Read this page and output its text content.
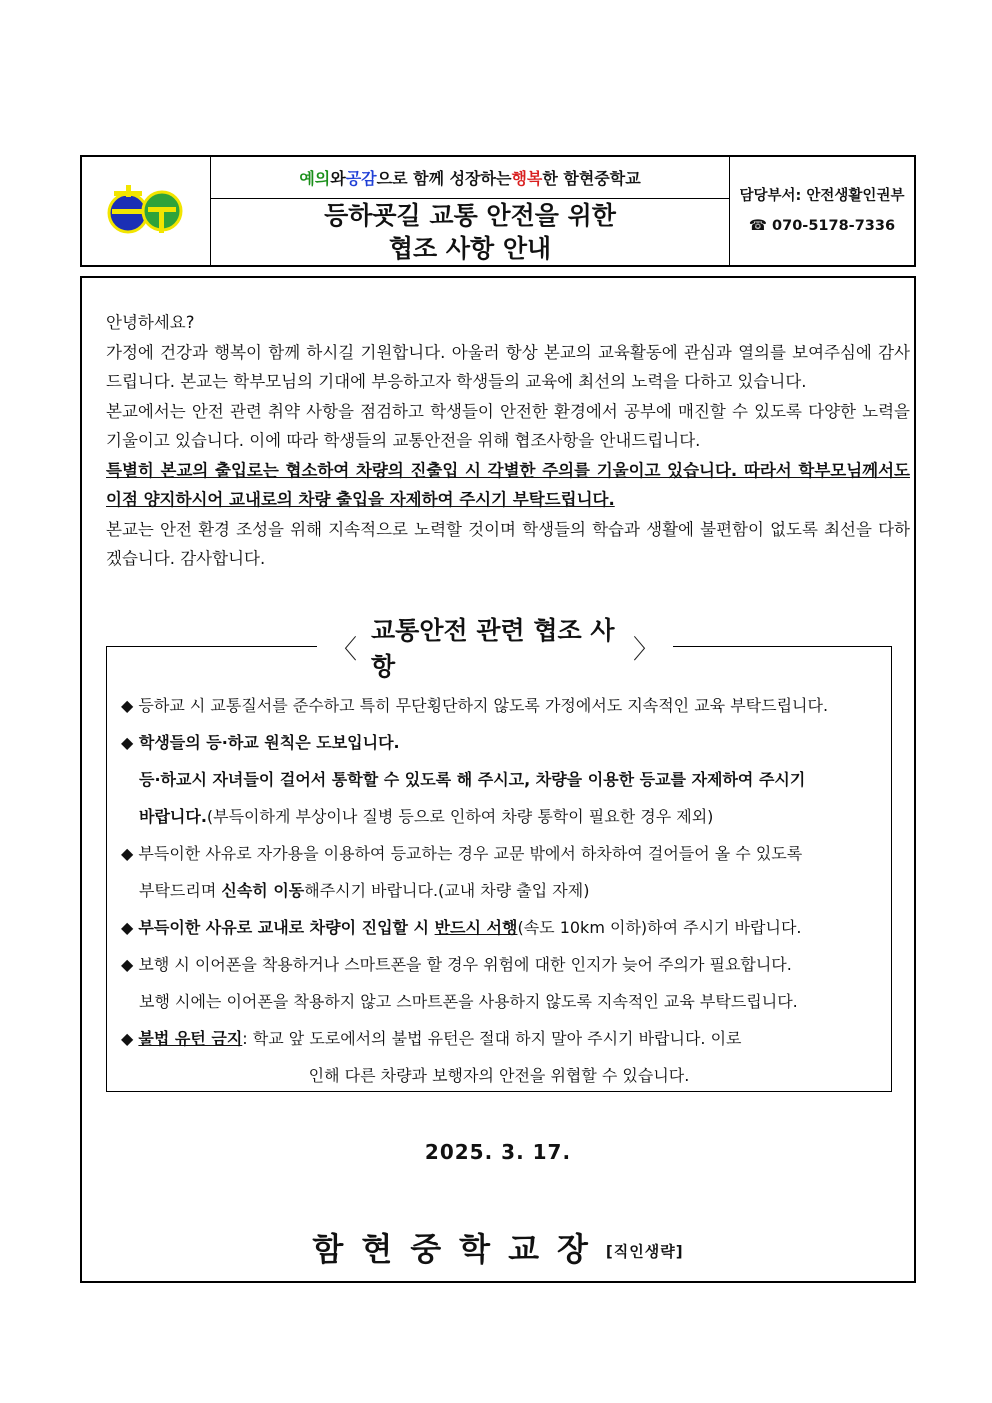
예의 와 공감 으로 함께 성장하는 행복 한 함현중학교
등하굣길 교통 안전을 위한
협조 사항 안내
담당부서: 안전생활인권부
☎ 070-5178-7336

안녕하세요?

가정에 건강과 행복이 함께 하시길 기원합니다. 아울러 항상 본교의 교육활동에 관심과 열의를 보여주심에 감사드립니다. 본교는 학부모님의 기대에 부응하고자 학생들의 교육에 최선의 노력을 다하고 있습니다.

본교에서는 안전 관련 취약 사항을 점검하고 학생들이 안전한 환경에서 공부에 매진할 수 있도록 다양한 노력을 기울이고 있습니다. 이에 따라 학생들의 교통안전을 위해 협조사항을 안내드립니다.

특별히 본교의 출입로는 협소하여 차량의 진출입 시 각별한 주의를 기울이고 있습니다. 따라서 학부모님께서도 이점 양지하시어 교내로의 차량 출입을 자제하여 주시기 부탁드립니다.

본교는 안전 환경 조성을 위해 지속적으로 노력할 것이며 학생들의 학습과 생활에 불편함이 없도록 최선을 다하겠습니다. 감사합니다.

〈
교통안전 관련 협조 사항
〉
◆ 등하교 시 교통질서를 준수하고 특히 무단횡단하지 않도록 가정에서도 지속적인 교육 부탁드립니다.
◆ 학생들의 등·하교 원칙은 도보입니다.
등·하교시 자녀들이 걸어서 통학할 수 있도록 해 주시고, 차량을 이용한 등교를 자제하여 주시기
바랍니다.(부득이하게 부상이나 질병 등으로 인하여 차량 통학이 필요한 경우 제외)
◆ 부득이한 사유로 자가용을 이용하여 등교하는 경우 교문 밖에서 하차하여 걸어들어 올 수 있도록
부탁드리며 신속히 이동해주시기 바랍니다.(교내 차량 출입 자제)
◆ 부득이한 사유로 교내로 차량이 진입할 시 반드시 서행(속도 10km 이하)하여 주시기 바랍니다.
◆ 보행 시 이어폰을 착용하거나 스마트폰을 할 경우 위험에 대한 인지가 늦어 주의가 필요합니다.
보행 시에는 이어폰을 착용하지 않고 스마트폰을 사용하지 않도록 지속적인 교육 부탁드립니다.
◆ 불법 유턴 금지: 학교 앞 도로에서의 불법 유턴은 절대 하지 말아 주시기 바랍니다. 이로
인해 다른 차량과 보행자의 안전을 위협할 수 있습니다.
2025. 3. 17.
함현중학교장[직인생략]
